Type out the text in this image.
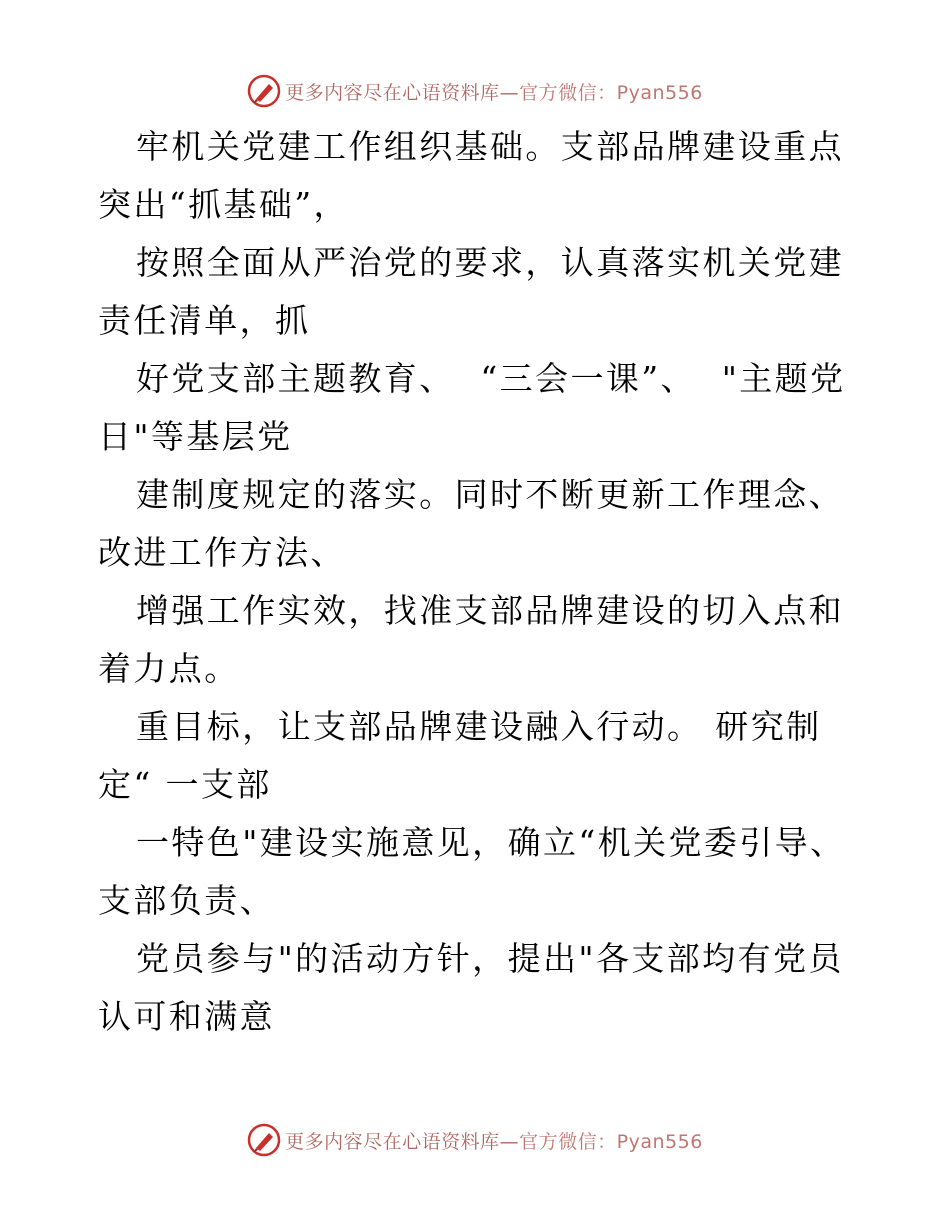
更多内容尽在心语资料库—官方微信：Pyan556

牢机关党建工作组织基础。支部品牌建设重点突出“抓基础”，

按照全面从严治党的要求，认真落实机关党建责任清单，抓

好党支部主题教育、  “三会一课”、  "主题党日"等基层党

建制度规定的落实。同时不断更新工作理念、改进工作方法、

增强工作实效，找准支部品牌建设的切入点和着力点。

重目标，让支部品牌建设融入行动。 研究制定“ 一支部

一特色"建设实施意见，确立“机关党委引导、支部负责、

党员参与"的活动方针，提出"各支部均有党员认可和满意

更多内容尽在心语资料库—官方微信：Pyan556
